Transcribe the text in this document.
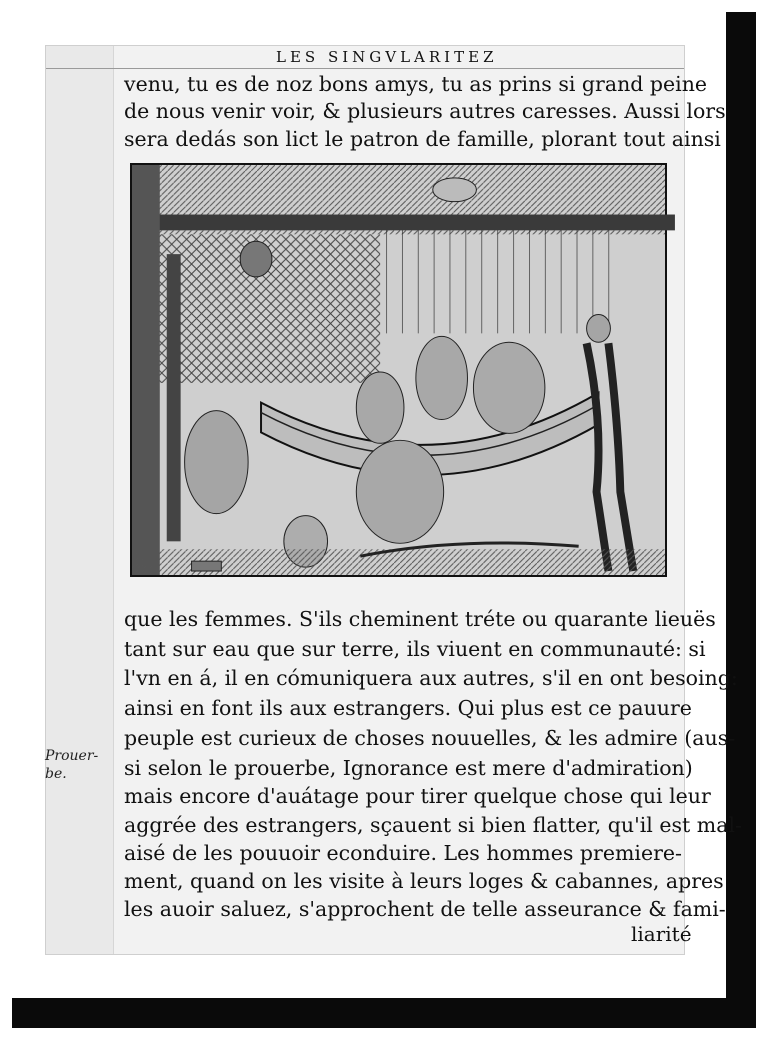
LES SINGVLARITEZ
venu, tu es de noz bons amys, tu as prins si grand peine
de nous venir voir, & plusieurs autres caresses. Aussi lors
sera dedás son lict le patron de famille, plorant tout ainsi
que les femmes. S'ils cheminent tréte ou quarante lieuës
tant sur eau que sur terre, ils viuent en communauté: si
l'vn en á, il en cómuniquera aux autres, s'il en ont besoing:
ainsi en font ils aux estrangers. Qui plus est ce pauure
peuple est curieux de choses nouuelles, & les admire (aus-
si selon le prouerbe, Ignorance est mere d'admiration)
mais encore d'auátage pour tirer quelque chose qui leur
aggrée des estrangers, sçauent si bien flatter, qu'il est mal-
aisé de les pouuoir econduire. Les hommes premiere-
ment, quand on les visite à leurs loges & cabannes, apres
les auoir saluez, s'approchent de telle asseurance & fami-
liarité
Prouer- be.
